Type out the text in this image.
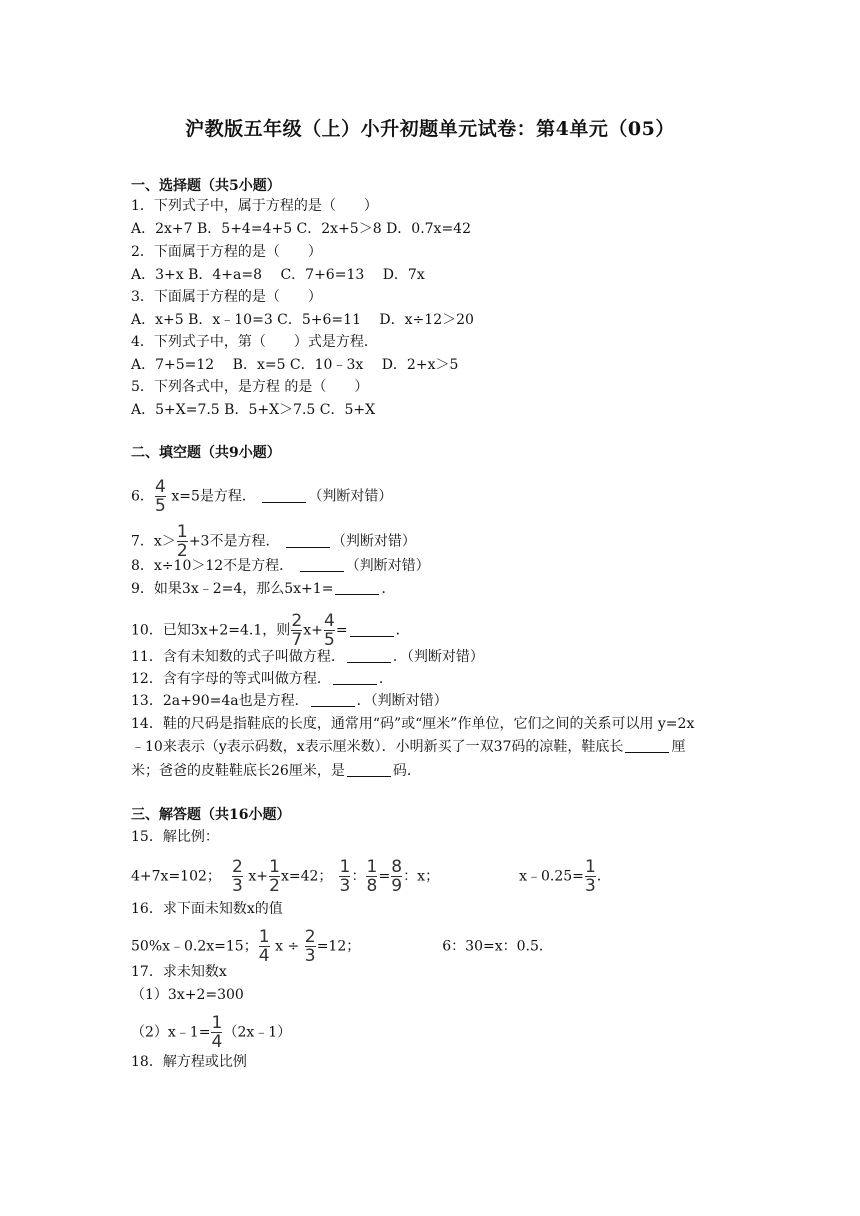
沪教版五年级（上）小升初题单元试卷：第4单元（05）
一、选择题（共5小题）
1．下列式子中，属于方程的是（　　）
A．2x+7 B．5+4=4+5 C．2x+5＞8 D．0.7x=42
2．下面属于方程的是（　　）
A．3+x B．4+a=8 　C．7+6=13 　D．7x
3．下面属于方程的是（　　）
A．x+5 B．x﹣10=3 C．5+6=11 　D．x÷12＞20
4．下列式子中，第（　　）式是方程．
A．7+5=12 　B．x=5 C．10﹣3x 　D．2+x＞5
5．下列各式中，是方程 的是（　　）
A．5+X=7.5 B．5+X＞7.5 C．5+X
二、填空题（共9小题）
6． $\frac{4}{5} x=5$是方程．	（判断对错）
7．$x> \frac{1}{2} +3$不是方程．	（判断对错）
8．x÷10＞12不是方程．	（判断对错）
9．如果3x﹣2=4，那么5x+1=	．
10．已知3x+2=4.1，则 $\frac{2}{7} x+ \frac{4}{5}$ =	．
11．含有未知数的式子叫做方程．	．（判断对错）
12．含有字母的等式叫做方程．	．
13．2a+90=4a也是方程．	．（判断对错）
14．鞋的尺码是指鞋底的长度，通常用“码”或“厘米”作单位，它们之间的关系可以用 y=2x
﹣10来表示（y表示码数，x表示厘米数）．小明新买了一双37码的凉鞋，鞋底长	厘
米；爸爸的皮鞋鞋底长26厘米，是	码．
三、解答题（共16小题）
15．解比例：
4+7x=102； $\frac{2}{3} x+ \frac{1}{2} x=42$； $\frac{1}{3}$ ： $\frac{1}{8} = \frac{8}{9}$ ：x；	x﹣0.25= $\frac{1}{3}$ ．
16．求下面未知数x的值
50%x﹣0.2x=15； $\frac{1}{4}$ $x \div \frac{2}{3} =12$；	6：30=x：0.5．
17．求未知数x
（1）3x+2=300
（2）x﹣1= $\frac{1}{4}$ （2x﹣1）
18．解方程或比例
